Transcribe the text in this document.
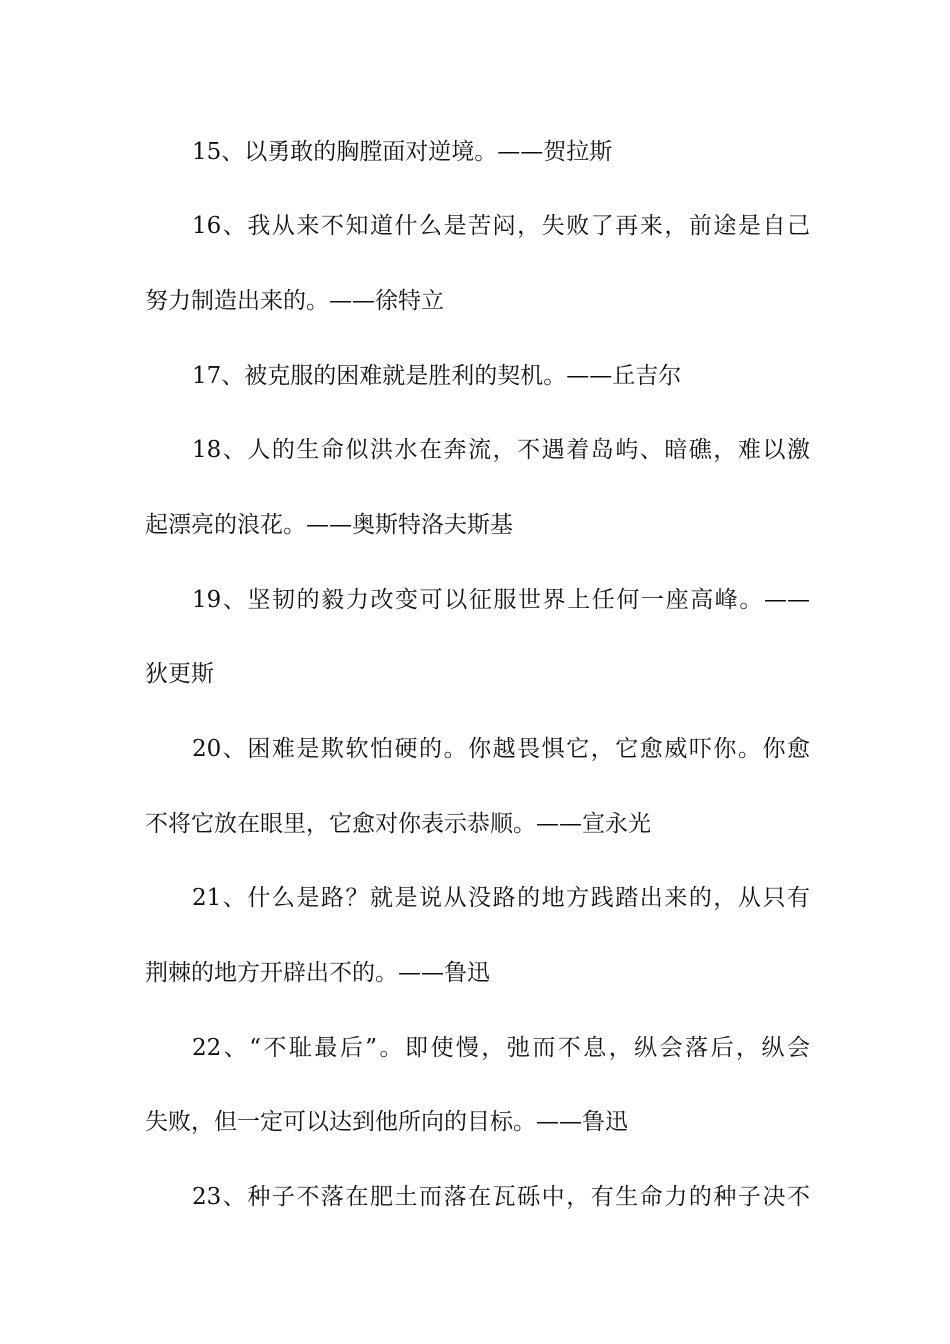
15、以勇敢的胸膛面对逆境。——贺拉斯
16、我从来不知道什么是苦闷，失败了再来，前途是自己
努力制造出来的。——徐特立
17、被克服的困难就是胜利的契机。——丘吉尔
18、人的生命似洪水在奔流，不遇着岛屿、暗礁，难以激
起漂亮的浪花。——奥斯特洛夫斯基
19、坚韧的毅力改变可以征服世界上任何一座高峰。——
狄更斯
20、困难是欺软怕硬的。你越畏惧它，它愈威吓你。你愈
不将它放在眼里，它愈对你表示恭顺。——宣永光
21、什么是路？就是说从没路的地方践踏出来的，从只有
荆棘的地方开辟出不的。——鲁迅
22、“不耻最后”。即使慢，弛而不息，纵会落后，纵会
失败，但一定可以达到他所向的目标。——鲁迅
23、种子不落在肥土而落在瓦砾中，有生命力的种子决不
